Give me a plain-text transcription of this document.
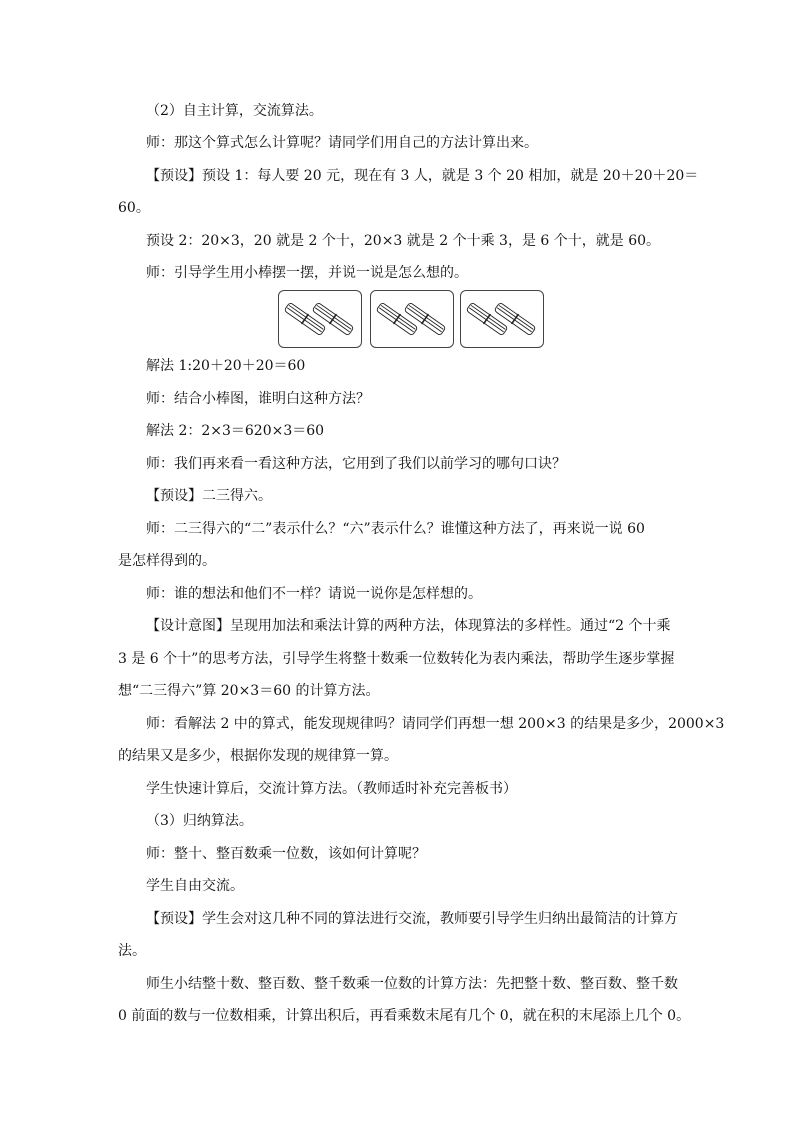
（2）自主计算，交流算法。
师：那这个算式怎么计算呢？请同学们用自己的方法计算出来。
【预设】预设 1：每人要 20 元，现在有 3 人，就是 3 个 20 相加，就是 20＋20＋20＝
60。
预设 2：20×3，20 就是 2 个十，20×3 就是 2 个十乘 3，是 6 个十，就是 60。
师：引导学生用小棒摆一摆，并说一说是怎么想的。
解法 1:20＋20＋20＝60
师：结合小棒图，谁明白这种方法？
解法 2：2×3＝620×3＝60
师：我们再来看一看这种方法，它用到了我们以前学习的哪句口诀？
【预设】二三得六。
师：二三得六的“二”表示什么？“六”表示什么？谁懂这种方法了，再来说一说 60
是怎样得到的。
师：谁的想法和他们不一样？请说一说你是怎样想的。
【设计意图】呈现用加法和乘法计算的两种方法，体现算法的多样性。通过“2 个十乘
3 是 6 个十”的思考方法，引导学生将整十数乘一位数转化为表内乘法，帮助学生逐步掌握
想“二三得六”算 20×3＝60 的计算方法。
师：看解法 2 中的算式，能发现规律吗？请同学们再想一想 200×3 的结果是多少，2000×3
的结果又是多少，根据你发现的规律算一算。
学生快速计算后，交流计算方法。（教师适时补充完善板书）
（3）归纳算法。
师：整十、整百数乘一位数，该如何计算呢？
学生自由交流。
【预设】学生会对这几种不同的算法进行交流，教师要引导学生归纳出最简洁的计算方
法。
师生小结整十数、整百数、整千数乘一位数的计算方法：先把整十数、整百数、整千数
0 前面的数与一位数相乘，计算出积后，再看乘数末尾有几个 0，就在积的末尾添上几个 0。
